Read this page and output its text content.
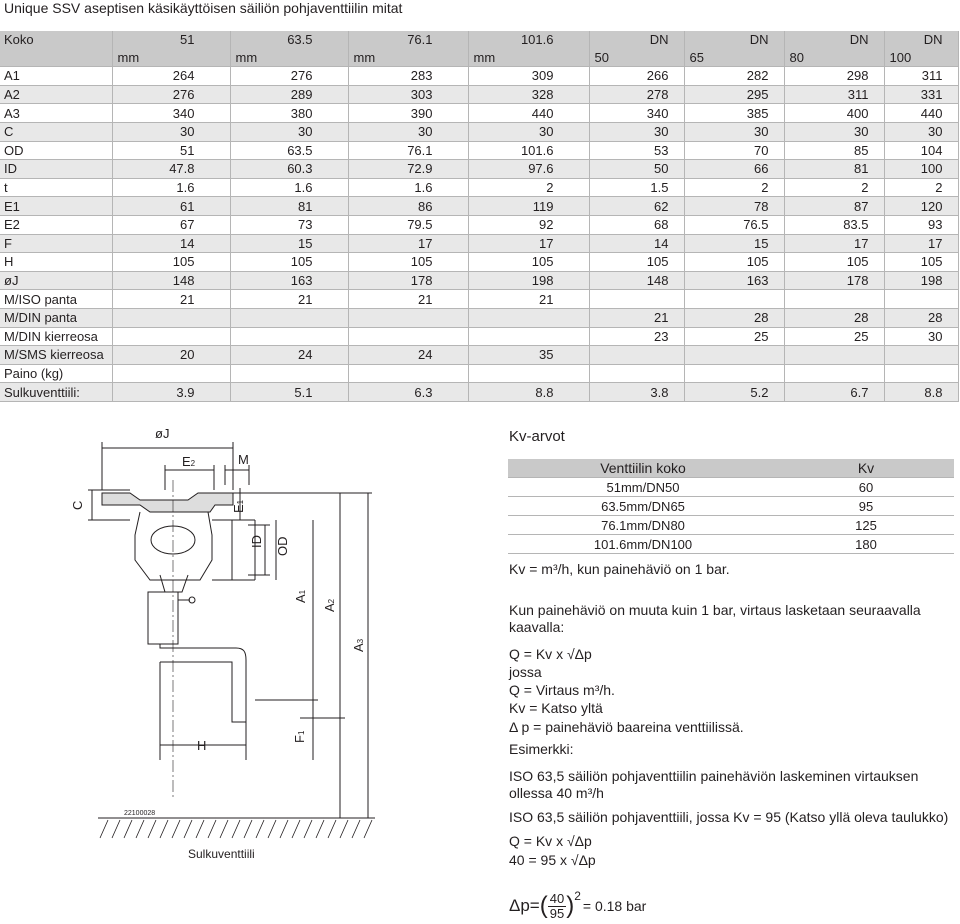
Unique SSV aseptisen käsikäyttöisen säiliön pohjaventtiilin mitat
Koko	51	63.5	76.1	101.6	DN	DN	DN	DN
	mm	mm	mm	mm	50	65	80	100
A1	264	276	283	309	266	282	298	311
A2	276	289	303	328	278	295	311	331
A3	340	380	390	440	340	385	400	440
C	30	30	30	30	30	30	30	30
OD	51	63.5	76.1	101.6	53	70	85	104
ID	47.8	60.3	72.9	97.6	50	66	81	100
t	1.6	1.6	1.6	2	1.5	2	2	2
E1	61	81	86	119	62	78	87	120
E2	67	73	79.5	92	68	76.5	83.5	93
F	14	15	17	17	14	15	17	17
H	105	105	105	105	105	105	105	105
øJ	148	163	178	198	148	163	178	198
M/ISO panta	21	21	21	21				
M/DIN panta					21	28	28	28
M/DIN kierreosa					23	25	25	30
M/SMS kierreosa	20	24	24	35				
Paino (kg)								
Sulkuventtiili:	3.9	5.1	6.3	8.8	3.8	5.2	6.7	8.8
øJ
E2	M
C	E1
ID OD
A1
A2
A3
H	F1
22100028
Sulkuventtiili
Kv-arvot
Venttiilin koko	Kv
51mm/DN50	60
63.5mm/DN65	95
76.1mm/DN80	125
101.6mm/DN100	180
Kv = m³/h, kun painehäviö on 1 bar.
Kun painehäviö on muuta kuin 1 bar, virtaus lasketaan seuraavalla kaavalla:
Q = Kv x √Δp
jossa
Q = Virtaus m³/h.
Kv = Katso yltä
Δ p = painehäviö baareina venttiilissä.
Esimerkki:
ISO 63,5 säiliön pohjaventtiilin painehäviön laskeminen virtauksen ollessa 40 m³/h
ISO 63,5 säiliön pohjaventtiili, jossa Kv = 95 (Katso yllä oleva taulukko)
Q = Kv x √Δp
40 = 95 x √Δp
Δp= ( $\frac{40}{95}$ ) 2
= 0.18 bar
